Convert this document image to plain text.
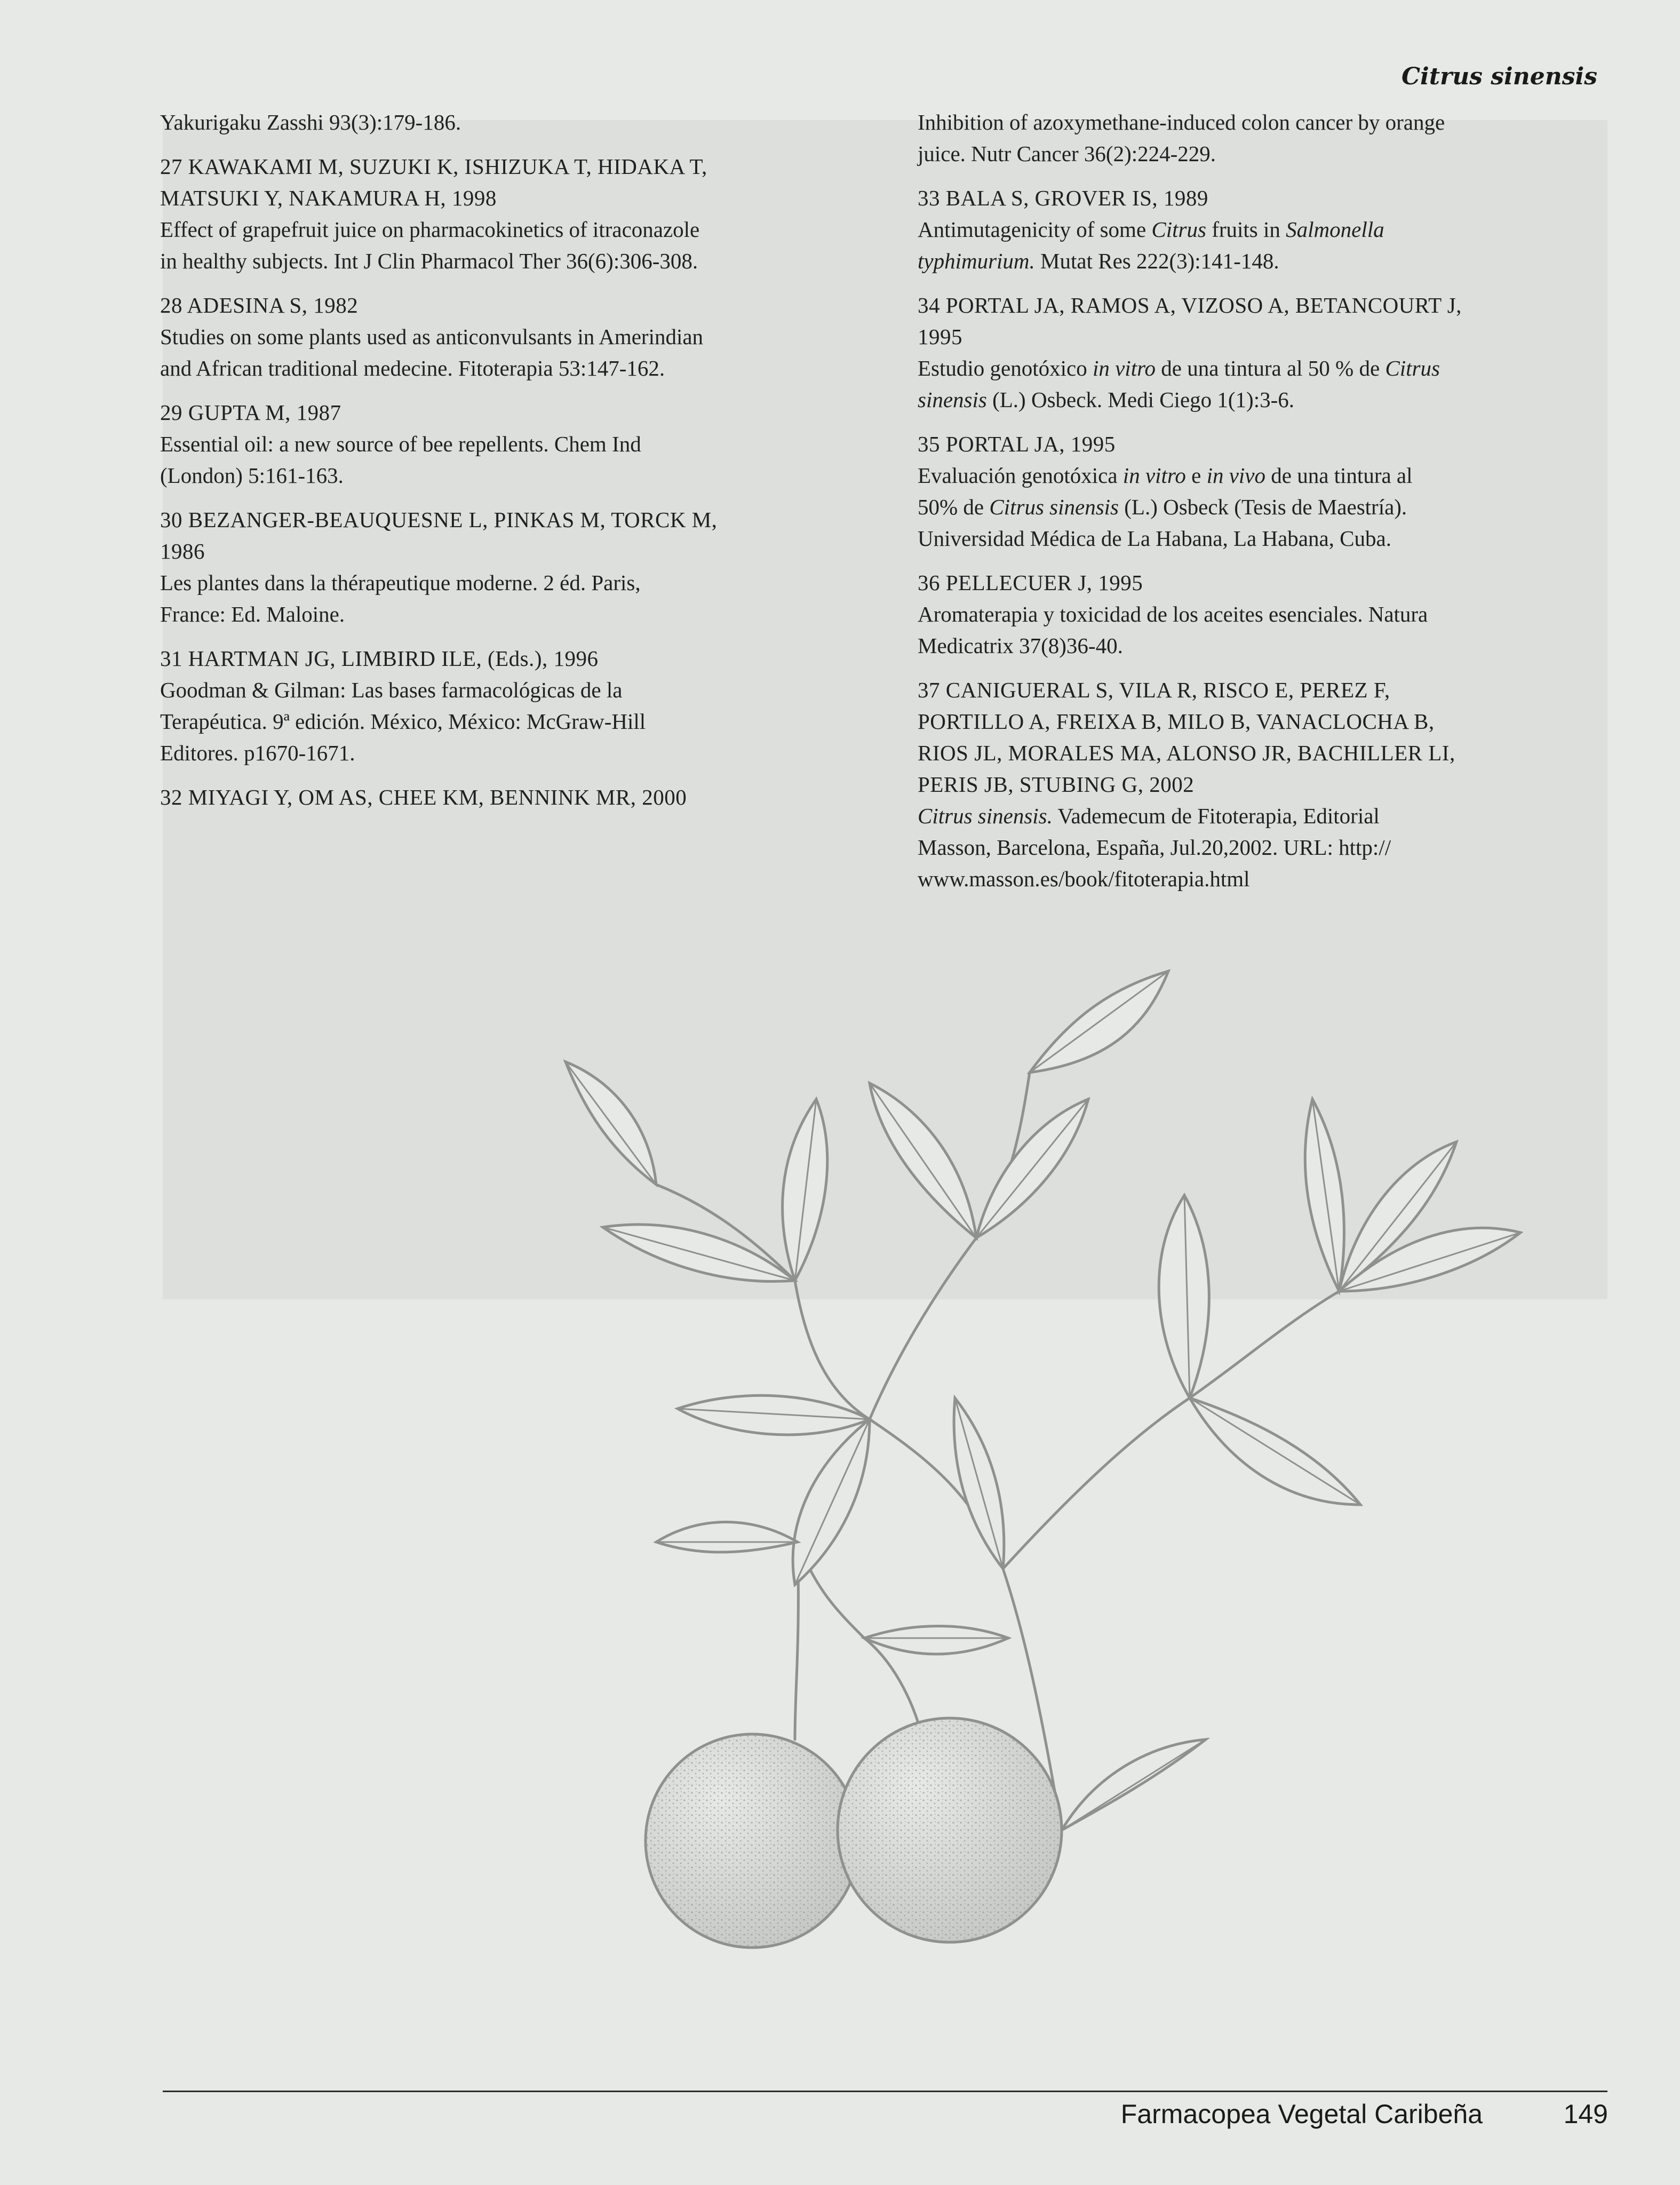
Citrus sinensis

Yakurigaku Zasshi 93(3):179-186.

27 KAWAKAMI M, SUZUKI K, ISHIZUKA T, HIDAKA T,

MATSUKI Y, NAKAMURA H, 1998

Effect of grapefruit juice on pharmacokinetics of itraconazole

in healthy subjects. Int J Clin Pharmacol Ther 36(6):306-308.

28 ADESINA S, 1982

Studies on some plants used as anticonvulsants in Amerindian

and African traditional medecine. Fitoterapia 53:147-162.

29 GUPTA M, 1987

Essential oil: a new source of bee repellents. Chem Ind

(London) 5:161-163.

30 BEZANGER-BEAUQUESNE L, PINKAS M, TORCK M,

1986

Les plantes dans la thérapeutique moderne. 2 éd. Paris,

France: Ed. Maloine.

31 HARTMAN JG, LIMBIRD ILE, (Eds.), 1996

Goodman & Gilman: Las bases farmacológicas de la

Terapéutica. 9ª edición. México, México: McGraw-Hill

Editores. p1670-1671.

32 MIYAGI Y, OM AS, CHEE KM, BENNINK MR, 2000

Inhibition of azoxymethane-induced colon cancer by orange

juice. Nutr Cancer 36(2):224-229.

33 BALA S, GROVER IS, 1989

Antimutagenicity of some Citrus fruits in Salmonella

typhimurium. Mutat Res 222(3):141-148.

34 PORTAL JA, RAMOS A, VIZOSO A, BETANCOURT J,

1995

Estudio genotóxico in vitro de una tintura al 50 % de Citrus

sinensis (L.) Osbeck. Medi Ciego 1(1):3-6.

35 PORTAL JA, 1995

Evaluación genotóxica in vitro e in vivo de una tintura al

50% de Citrus sinensis (L.) Osbeck (Tesis de Maestría).

Universidad Médica de La Habana, La Habana, Cuba.

36 PELLECUER J, 1995

Aromaterapia y toxicidad de los aceites esenciales. Natura

Medicatrix 37(8)36-40.

37 CANIGUERAL S, VILA R, RISCO E, PEREZ F,

PORTILLO A, FREIXA B, MILO B, VANACLOCHA B,

RIOS JL, MORALES MA, ALONSO JR, BACHILLER LI,

PERIS JB, STUBING G, 2002

Citrus sinensis. Vademecum de Fitoterapia, Editorial

Masson, Barcelona, España, Jul.20,2002. URL: http://

www.masson.es/book/fitoterapia.html

Farmacopea Vegetal Caribeña	149
